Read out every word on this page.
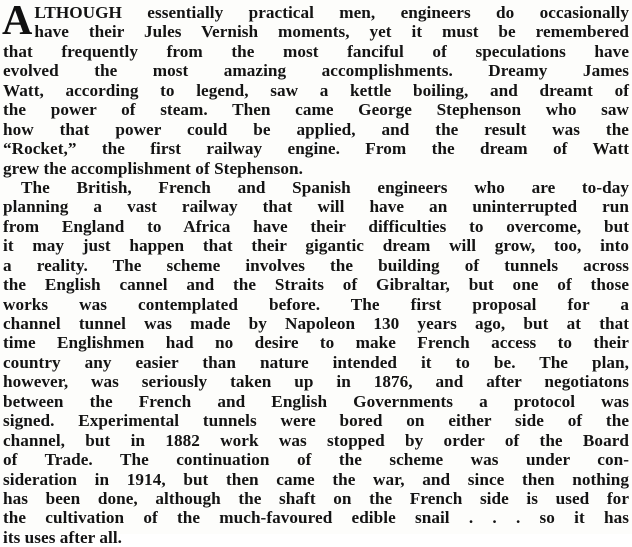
A LTHOUGH essentially practical men, engineers do occasionally
have their Jules Vernish moments, yet it must be remembered
that frequently from the most fanciful of speculations have
evolved the most amazing accomplishments. Dreamy James
Watt, according to legend, saw a kettle boiling, and dreamt of
the power of steam. Then came George Stephenson who saw
how that power could be applied, and the result was the
“Rocket,” the first railway engine. From the dream of Watt
grew the accomplishment of Stephenson.
The British, French and Spanish engineers who are to-day
planning a vast railway that will have an uninterrupted run
from England to Africa have their difficulties to overcome, but
it may just happen that their gigantic dream will grow, too, into
a reality. The scheme involves the building of tunnels across
the English cannel and the Straits of Gibraltar, but one of those
works was contemplated before. The first proposal for a
channel tunnel was made by Napoleon 130 years ago, but at that
time Englishmen had no desire to make French access to their
country any easier than nature intended it to be. The plan,
however, was seriously taken up in 1876, and after negotiatons
between the French and English Governments a protocol was
signed. Experimental tunnels were bored on either side of the
channel, but in 1882 work was stopped by order of the Board
of Trade. The continuation of the scheme was under con-
sideration in 1914, but then came the war, and since then nothing
has been done, although the shaft on the French side is used for
the cultivation of the much-favoured edible snail . . . so it has
its uses after all.
